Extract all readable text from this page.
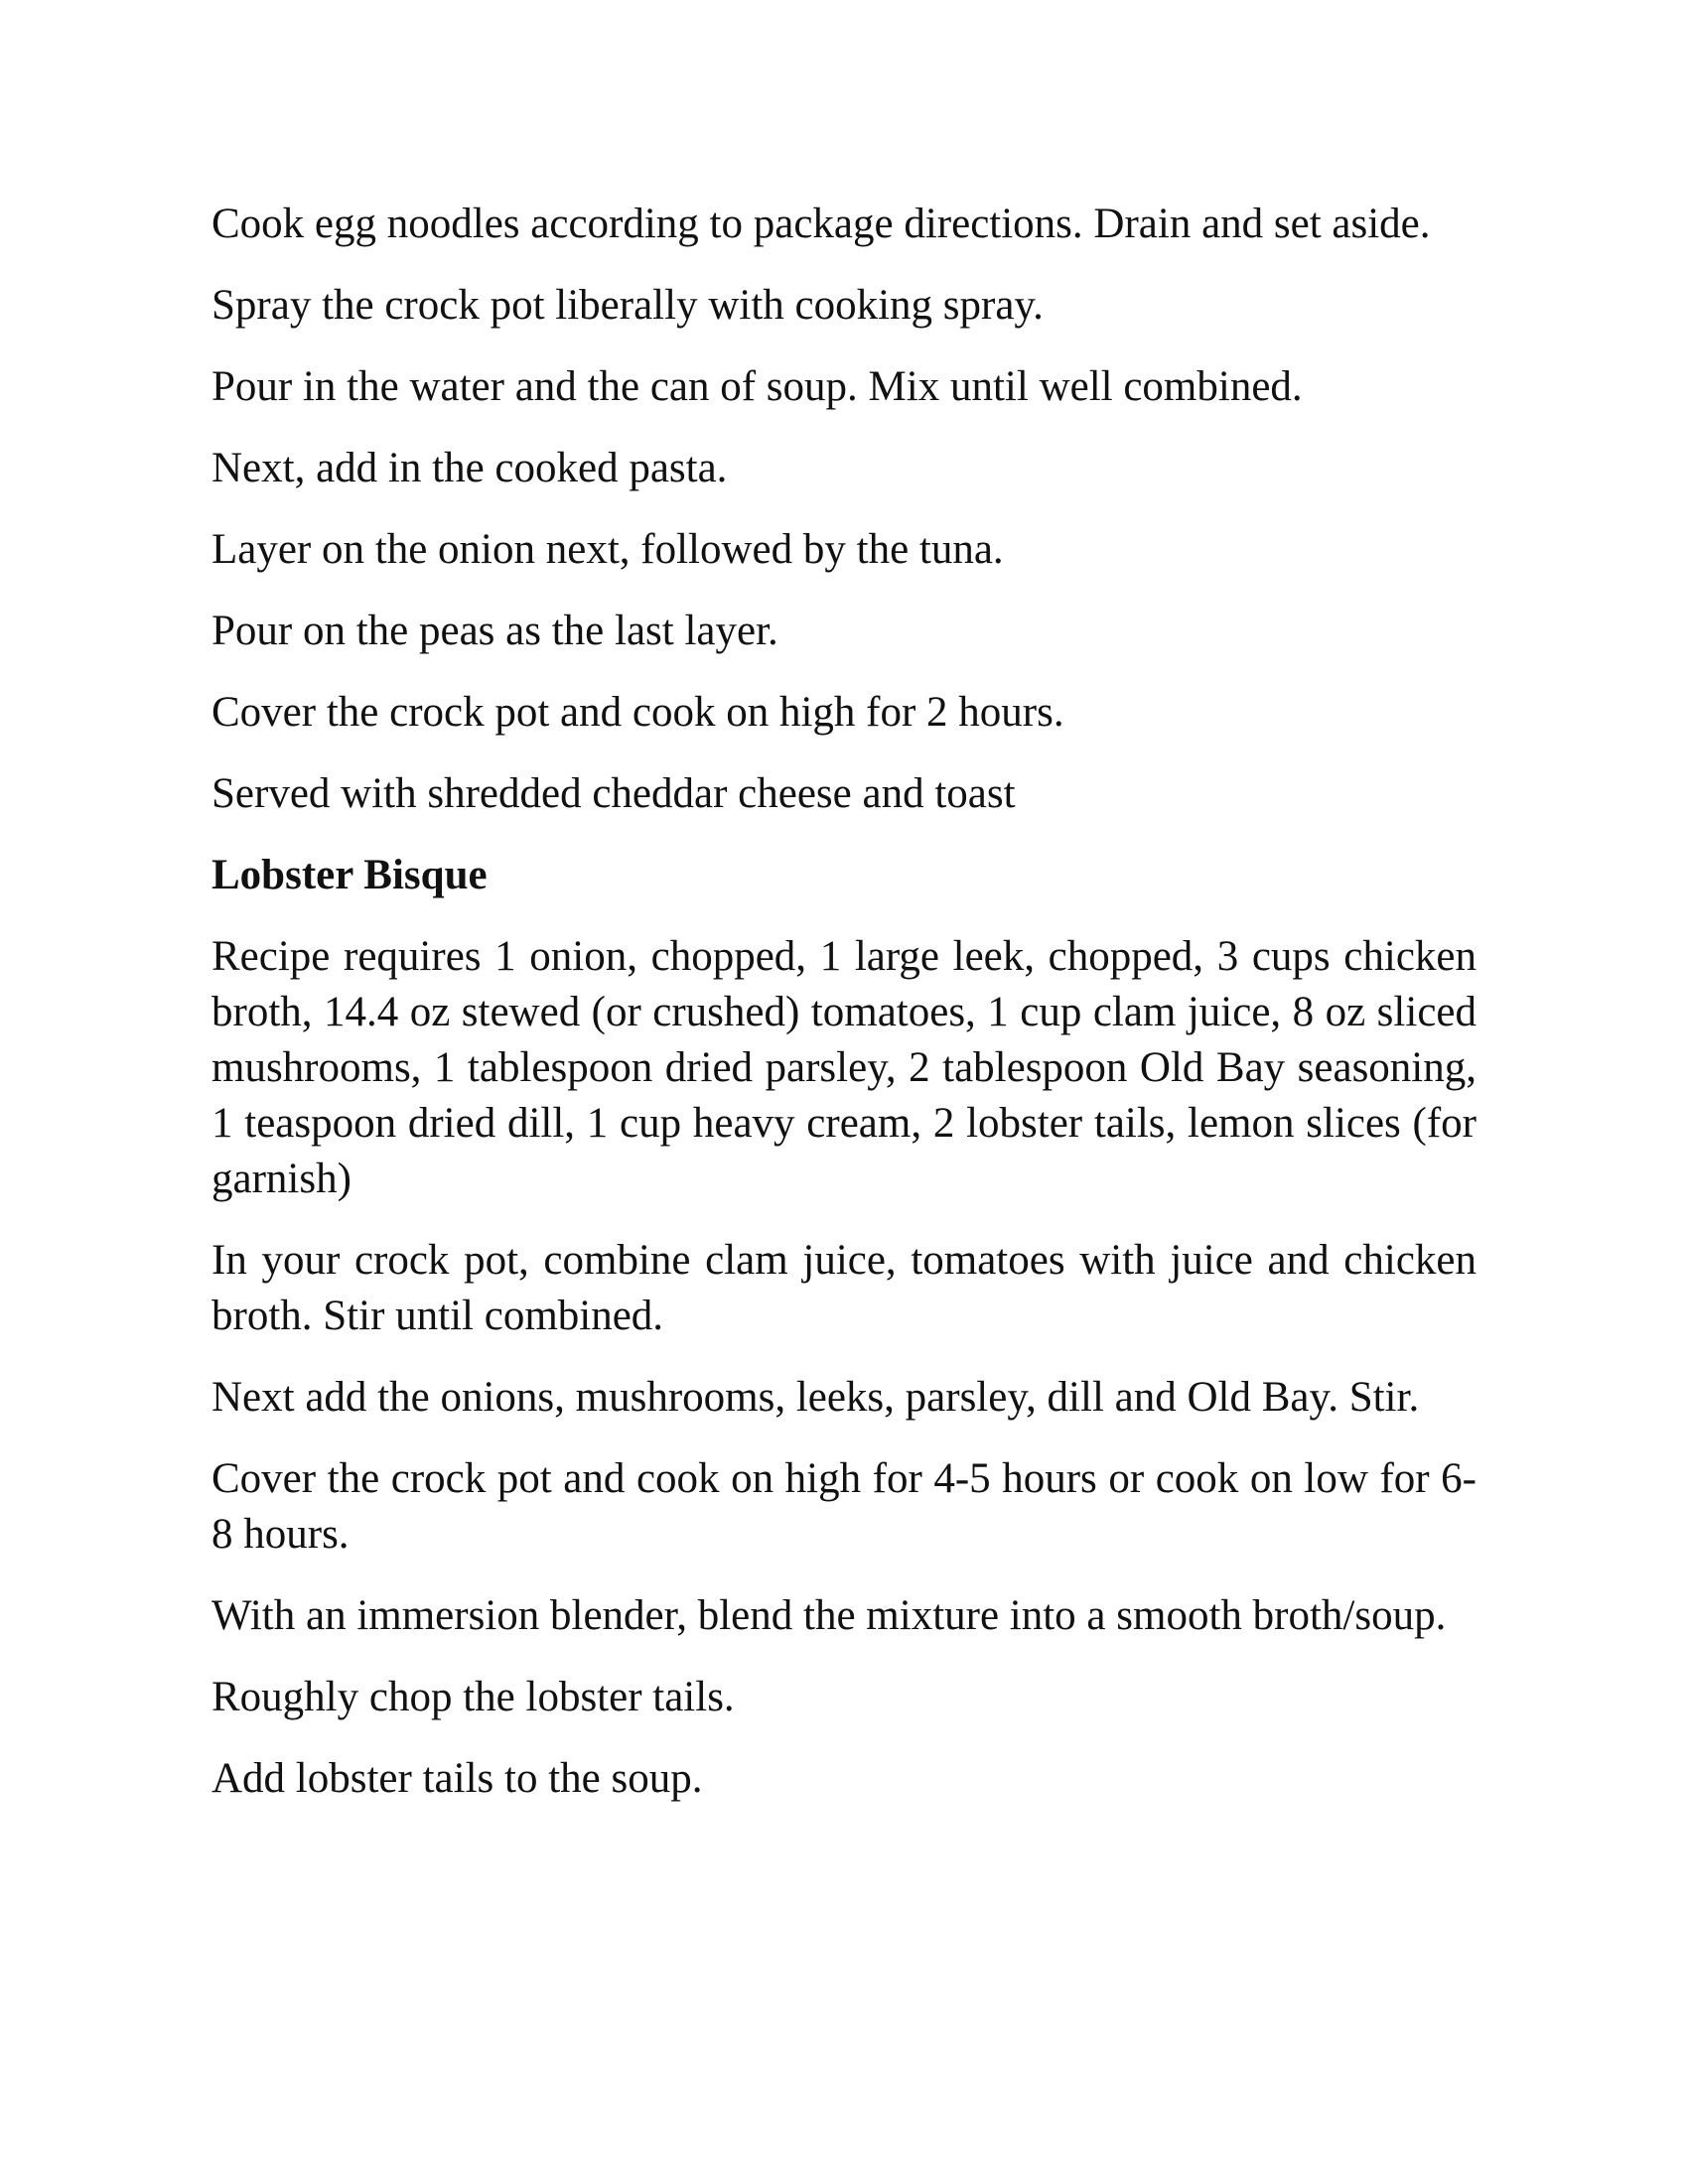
Cook egg noodles according to package directions. Drain and set aside.

Spray the crock pot liberally with cooking spray.

Pour in the water and the can of soup. Mix until well combined.

Next, add in the cooked pasta.

Layer on the onion next, followed by the tuna.

Pour on the peas as the last layer.

Cover the crock pot and cook on high for 2 hours.

Served with shredded cheddar cheese and toast

Lobster Bisque

Recipe requires 1 onion, chopped, 1 large leek, chopped, 3 cups chicken broth, 14.4 oz stewed (or crushed) tomatoes, 1 cup clam juice, 8 oz sliced mushrooms, 1 tablespoon dried parsley, 2 tablespoon Old Bay seasoning, 1 teaspoon dried dill, 1 cup heavy cream, 2 lobster tails, lemon slices (for garnish)

In your crock pot, combine clam juice, tomatoes with juice and chicken broth. Stir until combined.

Next add the onions, mushrooms, leeks, parsley, dill and Old Bay. Stir.

Cover the crock pot and cook on high for 4-5 hours or cook on low for 6-8 hours.

With an immersion blender, blend the mixture into a smooth broth/soup.

Roughly chop the lobster tails.

Add lobster tails to the soup.
